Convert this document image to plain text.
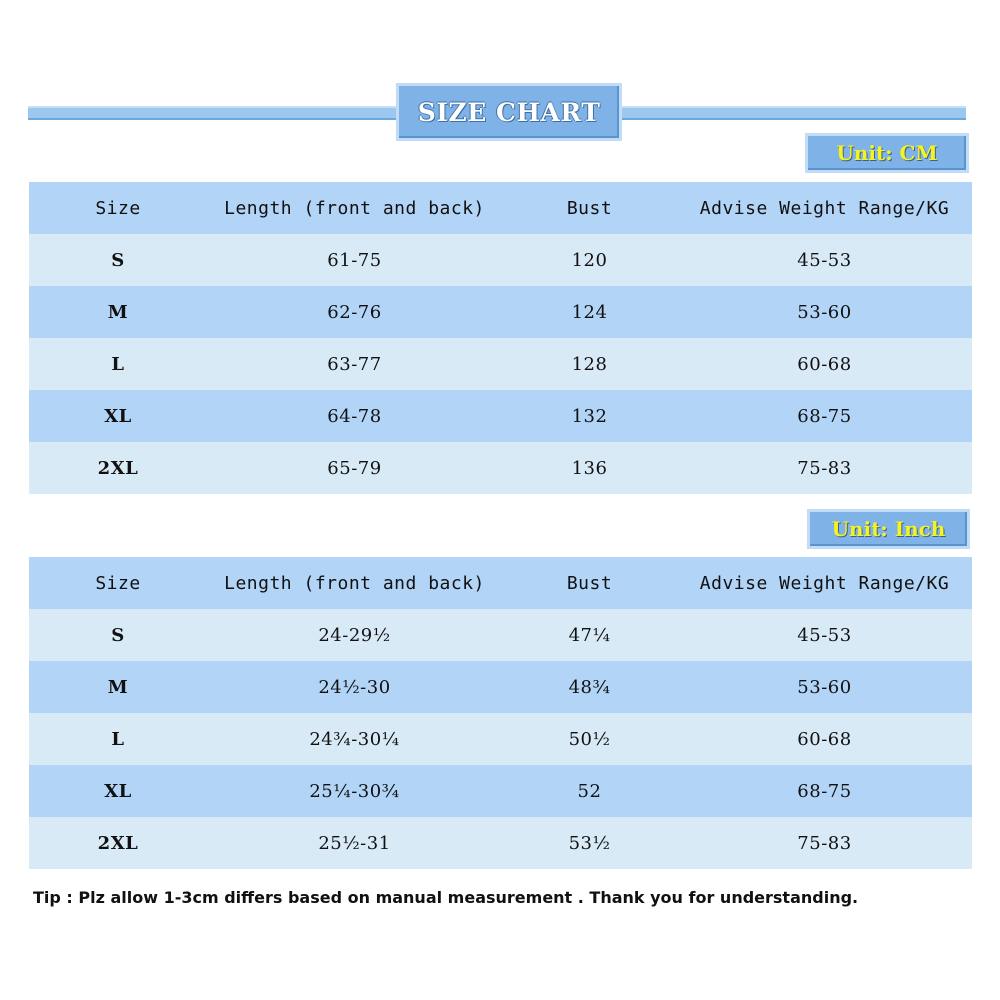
SIZE CHART
Unit: CM
Size	Length (front and back)	Bust	Advise Weight Range/KG
S	61-75	120	45-53
M	62-76	124	53-60
L	63-77	128	60-68
XL	64-78	132	68-75
2XL	65-79	136	75-83
Unit: Inch
Size	Length (front and back)	Bust	Advise Weight Range/KG
S	24-29½	47¼	45-53
M	24½-30	48¾	53-60
L	24¾-30¼	50½	60-68
XL	25¼-30¾	52	68-75
2XL	25½-31	53½	75-83
Tip : Plz allow 1-3cm differs based on manual measurement . Thank you for understanding.
